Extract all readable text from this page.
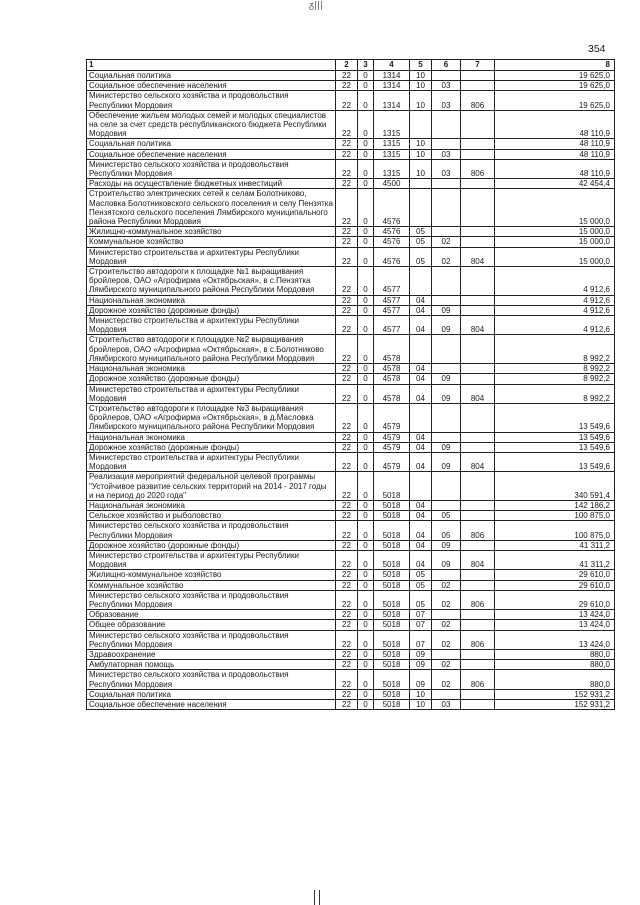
ᵹ|||
354
1	2	3	4	5	6	7	8
Социальная политика	22	0	1314	10			19 625,0
Социальное обеспечение населения	22	0	1314	10	03		19 625,0
Министерство сельского хозяйства и продовольствия Республики Мордовия	22	0	1314	10	03	806	19 625,0
Обеспечение жильем молодых семей и молодых специалистов на селе за счет средств республиканского бюджета Республики Мордовия	22	0	1315				48 110,9
Социальная политика	22	0	1315	10			48 110,9
Социальное обеспечение населения	22	0	1315	10	03		48 110,9
Министерство сельского хозяйства и продовольствия Республики Мордовия	22	0	1315	10	03	806	48 110,9
Расходы на осуществление бюджетных инвестиций	22	0	4500				42 454,4
Строительство электрических сетей к селам Болотниково, Масловка Болотниковского сельского поселения и селу Пензятка Пензятского сельского поселения Лямбирского муниципального района Республики Мордовия	22	0	4576				15 000,0
Жилищно-коммунальное хозяйство	22	0	4576	05			15 000,0
Коммунальное хозяйство	22	0	4576	05	02		15 000,0
Министерство строительства и архитектуры Республики Мордовия	22	0	4576	05	02	804	15 000,0
Строительство автодороги к площадке №1 выращивания бройлеров, ОАО «Агрофирма «Октябрьская», в с.Пензятка Лямбирского муниципального района Республики Мордовия	22	0	4577				4 912,6
Национальная экономика	22	0	4577	04			4 912,6
Дорожное хозяйство (дорожные фонды)	22	0	4577	04	09		4 912,6
Министерство строительства и архитектуры Республики Мордовия	22	0	4577	04	09	804	4 912,6
Строительство автодороги к площадке №2 выращивания бройлеров, ОАО «Агрофирма «Октябрьская», в с.Болотниково Лямбирского муниципального района Республики Мордовия	22	0	4578				8 992,2
Национальная экономика	22	0	4578	04			8 992,2
Дорожное хозяйство (дорожные фонды)	22	0	4578	04	09		8 992,2
Министерство строительства и архитектуры Республики Мордовия	22	0	4578	04	09	804	8 992,2
Строительство автодороги к площадке №3 выращивания бройлеров, ОАО «Агрофирма «Октябрьская», в д.Масловка Лямбирского муниципального района Республики Мордовия	22	0	4579				13 549,6
Национальная экономика	22	0	4579	04			13 549,6
Дорожное хозяйство (дорожные фонды)	22	0	4579	04	09		13 549,6
Министерство строительства и архитектуры Республики Мордовия	22	0	4579	04	09	804	13 549,6
Реализация мероприятий федеральной целевой программы "Устойчивое развитие сельских территорий на 2014 - 2017 годы и на период до 2020 года"	22	0	5018				340 591,4
Национальная экономика	22	0	5018	04			142 186,2
Сельское хозяйство и рыболовство	22	0	5018	04	05		100 875,0
Министерство сельского хозяйства и продовольствия Республики Мордовия	22	0	5018	04	05	806	100 875,0
Дорожное хозяйство (дорожные фонды)	22	0	5018	04	09		41 311,2
Министерство строительства и архитектуры Республики Мордовия	22	0	5018	04	09	804	41 311,2
Жилищно-коммунальное хозяйство	22	0	5018	05			29 610,0
Коммунальное хозяйство	22	0	5018	05	02		29 610,0
Министерство сельского хозяйства и продовольствия Республики Мордовия	22	0	5018	05	02	806	29 610,0
Образование	22	0	5018	07			13 424,0
Общее образование	22	0	5018	07	02		13 424,0
Министерство сельского хозяйства и продовольствия Республики Мордовия	22	0	5018	07	02	806	13 424,0
Здравоохранение	22	0	5018	09			880,0
Амбулаторная помощь	22	0	5018	09	02		880,0
Министерство сельского хозяйства и продовольствия Республики Мордовия	22	0	5018	09	02	806	880,0
Социальная политика	22	0	5018	10			152 931,2
Социальное обеспечение населения	22	0	5018	10	03		152 931,2
